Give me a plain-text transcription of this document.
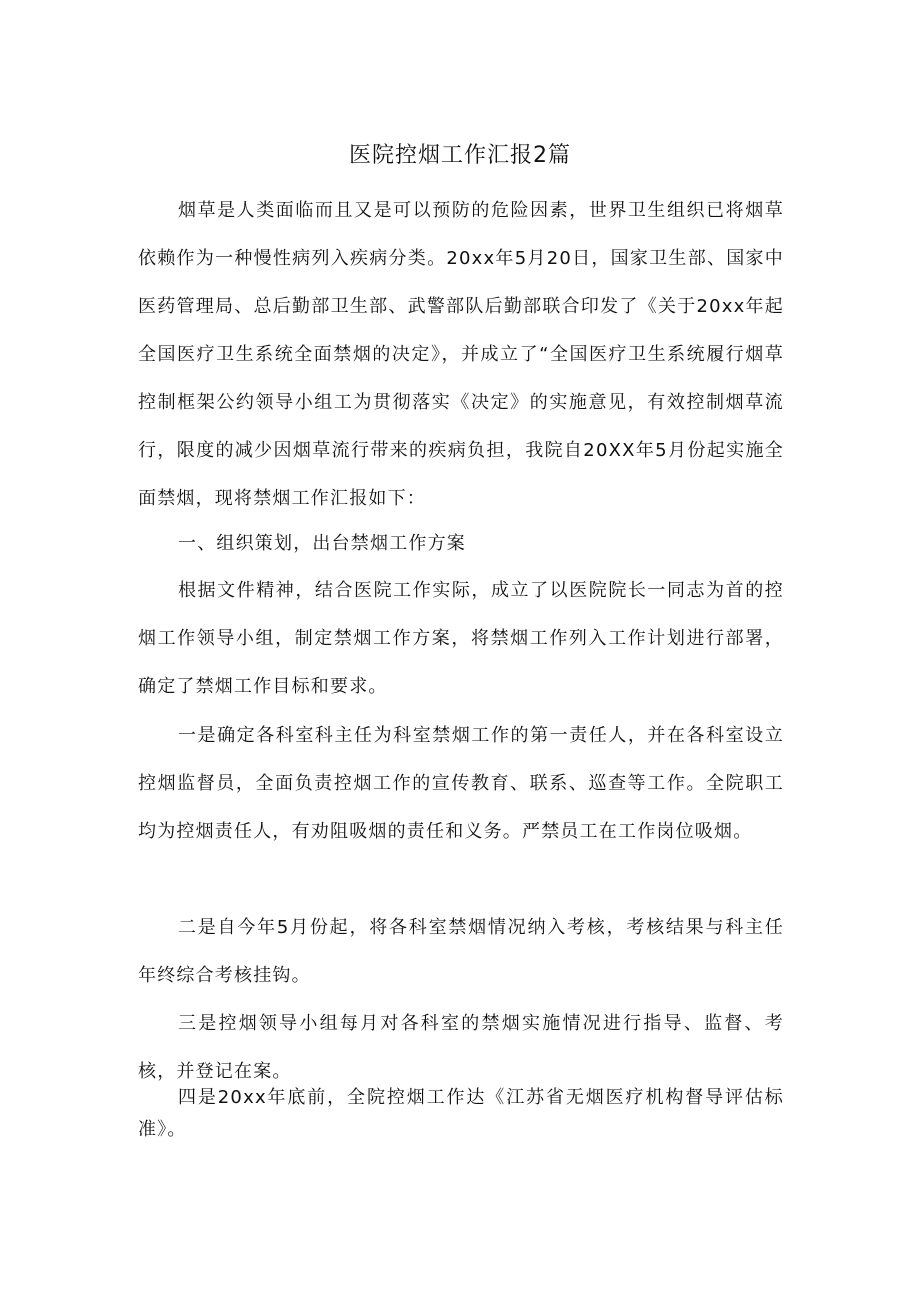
医院控烟工作汇报2篇

烟草是人类面临而且又是可以预防的危险因素，世界卫生组织已将烟草依赖作为一种慢性病列入疾病分类。20xx年5月20日，国家卫生部、国家中医药管理局、总后勤部卫生部、武警部队后勤部联合印发了《关于20xx年起全国医疗卫生系统全面禁烟的决定》，并成立了“全国医疗卫生系统履行烟草控制框架公约领导小组工为贯彻落实《决定》的实施意见，有效控制烟草流行，限度的减少因烟草流行带来的疾病负担，我院自20XX年5月份起实施全面禁烟，现将禁烟工作汇报如下：

一、组织策划，出台禁烟工作方案

根据文件精神，结合医院工作实际，成立了以医院院长一同志为首的控烟工作领导小组，制定禁烟工作方案，将禁烟工作列入工作计划进行部署，确定了禁烟工作目标和要求。

一是确定各科室科主任为科室禁烟工作的第一责任人，并在各科室设立控烟监督员，全面负责控烟工作的宣传教育、联系、巡查等工作。全院职工均为控烟责任人，有劝阻吸烟的责任和义务。严禁员工在工作岗位吸烟。

二是自今年5月份起，将各科室禁烟情况纳入考核，考核结果与科主任年终综合考核挂钩。

三是控烟领导小组每月对各科室的禁烟实施情况进行指导、监督、考核，并登记在案。

四是20xx年底前，全院控烟工作达《江苏省无烟医疗机构督导评估标准》。
